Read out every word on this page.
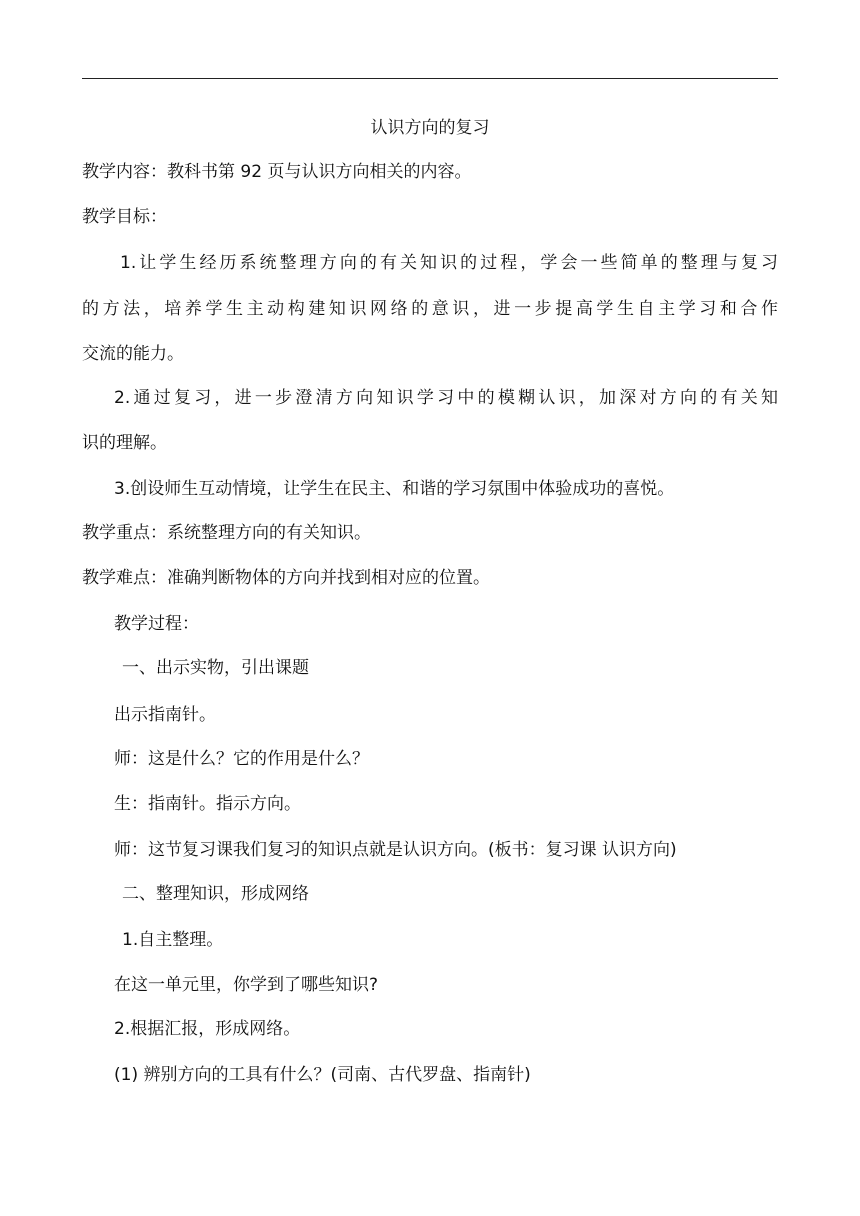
认识方向的复习
教学内容：教科书第 92 页与认识方向相关的内容。
教学目标：
1.让学生经历系统整理方向的有关知识的过程，学会一些简单的整理与复习
的方法，培养学生主动构建知识网络的意识，进一步提高学生自主学习和合作
交流的能力。
2.通过复习，进一步澄清方向知识学习中的模糊认识，加深对方向的有关知
识的理解。
3.创设师生互动情境，让学生在民主、和谐的学习氛围中体验成功的喜悦。
教学重点：系统整理方向的有关知识。
教学难点：准确判断物体的方向并找到相对应的位置。
教学过程：
一、出示实物，引出课题
出示指南针。
师：这是什么？它的作用是什么？
生：指南针。指示方向。
师：这节复习课我们复习的知识点就是认识方向。(板书：复习课 认识方向)
二、整理知识，形成网络
1.自主整理。
在这一单元里，你学到了哪些知识?
2.根据汇报，形成网络。
(1) 辨别方向的工具有什么？(司南、古代罗盘、指南针)
